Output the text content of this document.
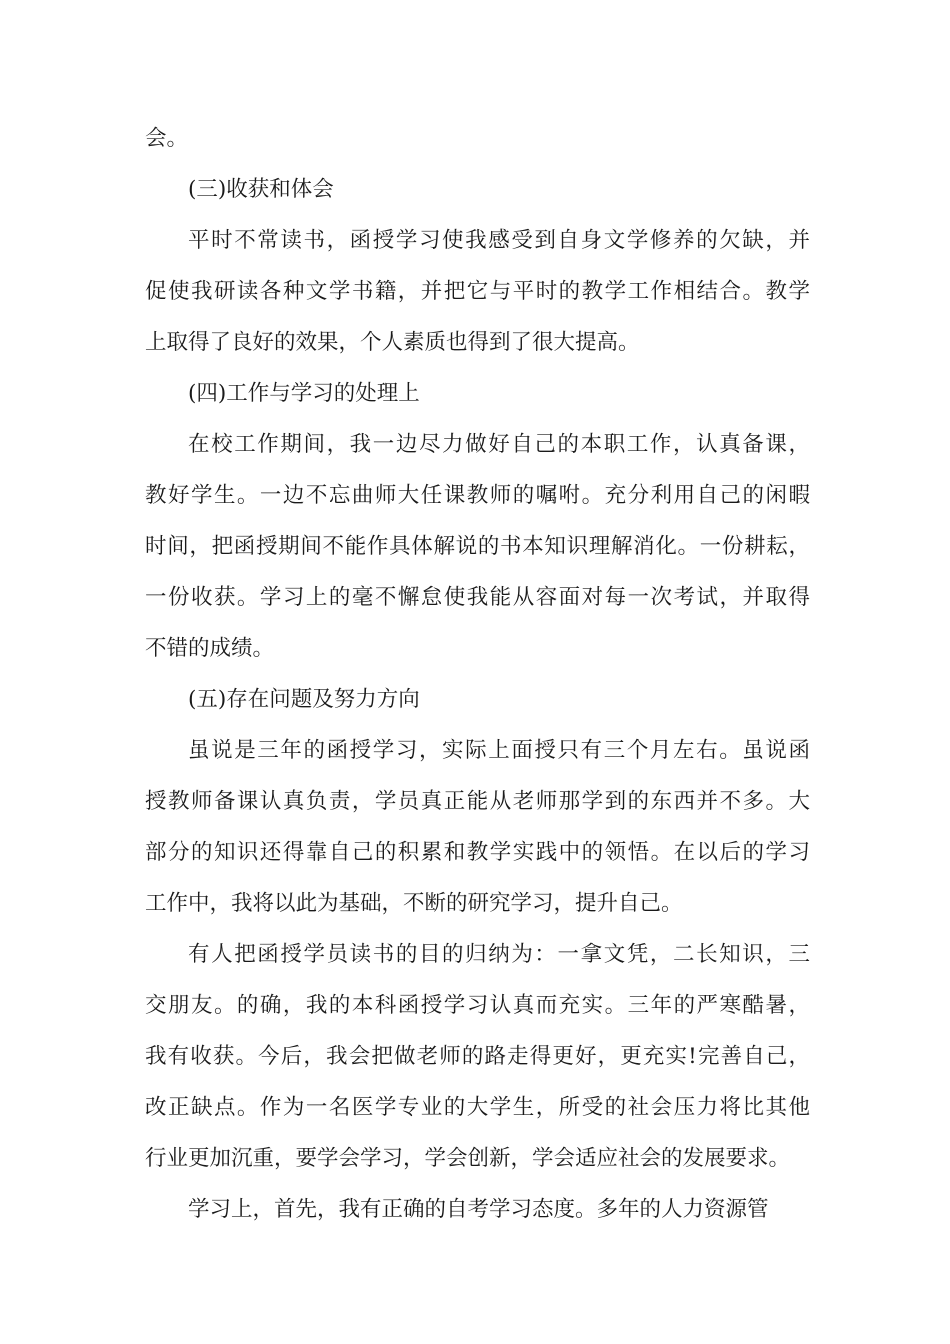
会。
(三)收获和体会
平时不常读书，函授学习使我感受到自身文学修养的欠缺，并
促使我研读各种文学书籍，并把它与平时的教学工作相结合。教学
上取得了良好的效果，个人素质也得到了很大提高。
(四)工作与学习的处理上
在校工作期间，我一边尽力做好自己的本职工作，认真备课，
教好学生。一边不忘曲师大任课教师的嘱咐。充分利用自己的闲暇
时间，把函授期间不能作具体解说的书本知识理解消化。一份耕耘，
一份收获。学习上的毫不懈怠使我能从容面对每一次考试，并取得
不错的成绩。
(五)存在问题及努力方向
虽说是三年的函授学习，实际上面授只有三个月左右。虽说函
授教师备课认真负责，学员真正能从老师那学到的东西并不多。大
部分的知识还得靠自己的积累和教学实践中的领悟。在以后的学习
工作中，我将以此为基础，不断的研究学习，提升自己。
有人把函授学员读书的目的归纳为：一拿文凭，二长知识，三
交朋友。的确，我的本科函授学习认真而充实。三年的严寒酷暑，
我有收获。今后，我会把做老师的路走得更好，更充实!完善自己，
改正缺点。作为一名医学专业的大学生，所受的社会压力将比其他
行业更加沉重，要学会学习，学会创新，学会适应社会的发展要求。
学习上，首先，我有正确的自考学习态度。多年的人力资源管
